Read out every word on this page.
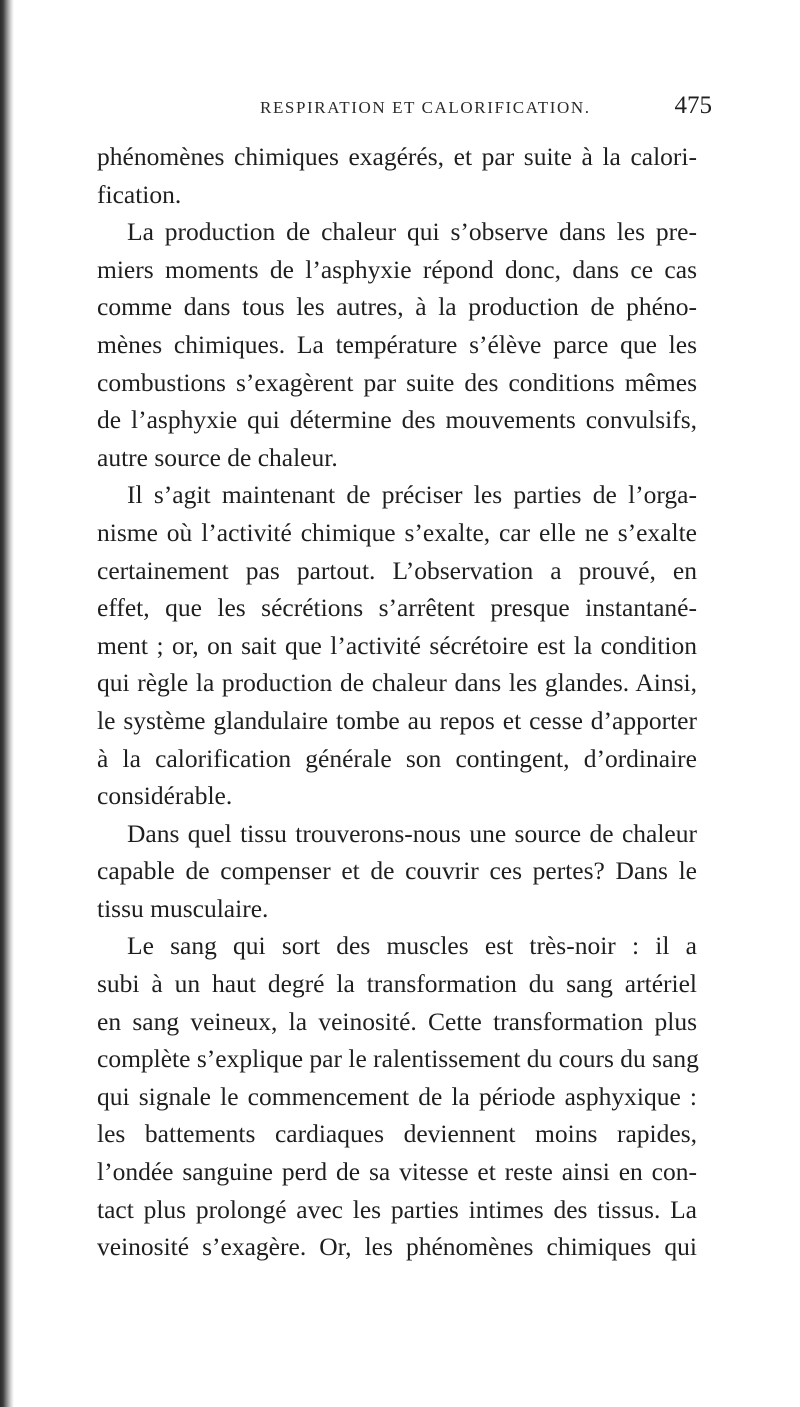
RESPIRATION ET CALORIFICATION.	475
phénomènes chimiques exagérés, et par suite à la calori-
fication.
La production de chaleur qui s’observe dans les pre-
miers moments de l’asphyxie répond donc, dans ce cas
comme dans tous les autres, à la production de phéno-
mènes chimiques. La température s’élève parce que les
combustions s’exagèrent par suite des conditions mêmes
de l’asphyxie qui détermine des mouvements convulsifs,
autre source de chaleur.
Il s’agit maintenant de préciser les parties de l’orga-
nisme où l’activité chimique s’exalte, car elle ne s’exalte
certainement pas partout. L’observation a prouvé, en
effet, que les sécrétions s’arrêtent presque instantané-
ment ; or, on sait que l’activité sécrétoire est la condition
qui règle la production de chaleur dans les glandes. Ainsi,
le système glandulaire tombe au repos et cesse d’apporter
à la calorification générale son contingent, d’ordinaire
considérable.
Dans quel tissu trouverons-nous une source de chaleur
capable de compenser et de couvrir ces pertes? Dans le
tissu musculaire.
Le sang qui sort des muscles est très-noir : il a
subi à un haut degré la transformation du sang artériel
en sang veineux, la veinosité. Cette transformation plus
complète s’explique par le ralentissement du cours du sang
qui signale le commencement de la période asphyxique :
les battements cardiaques deviennent moins rapides,
l’ondée sanguine perd de sa vitesse et reste ainsi en con-
tact plus prolongé avec les parties intimes des tissus. La
veinosité s’exagère. Or, les phénomènes chimiques qui
